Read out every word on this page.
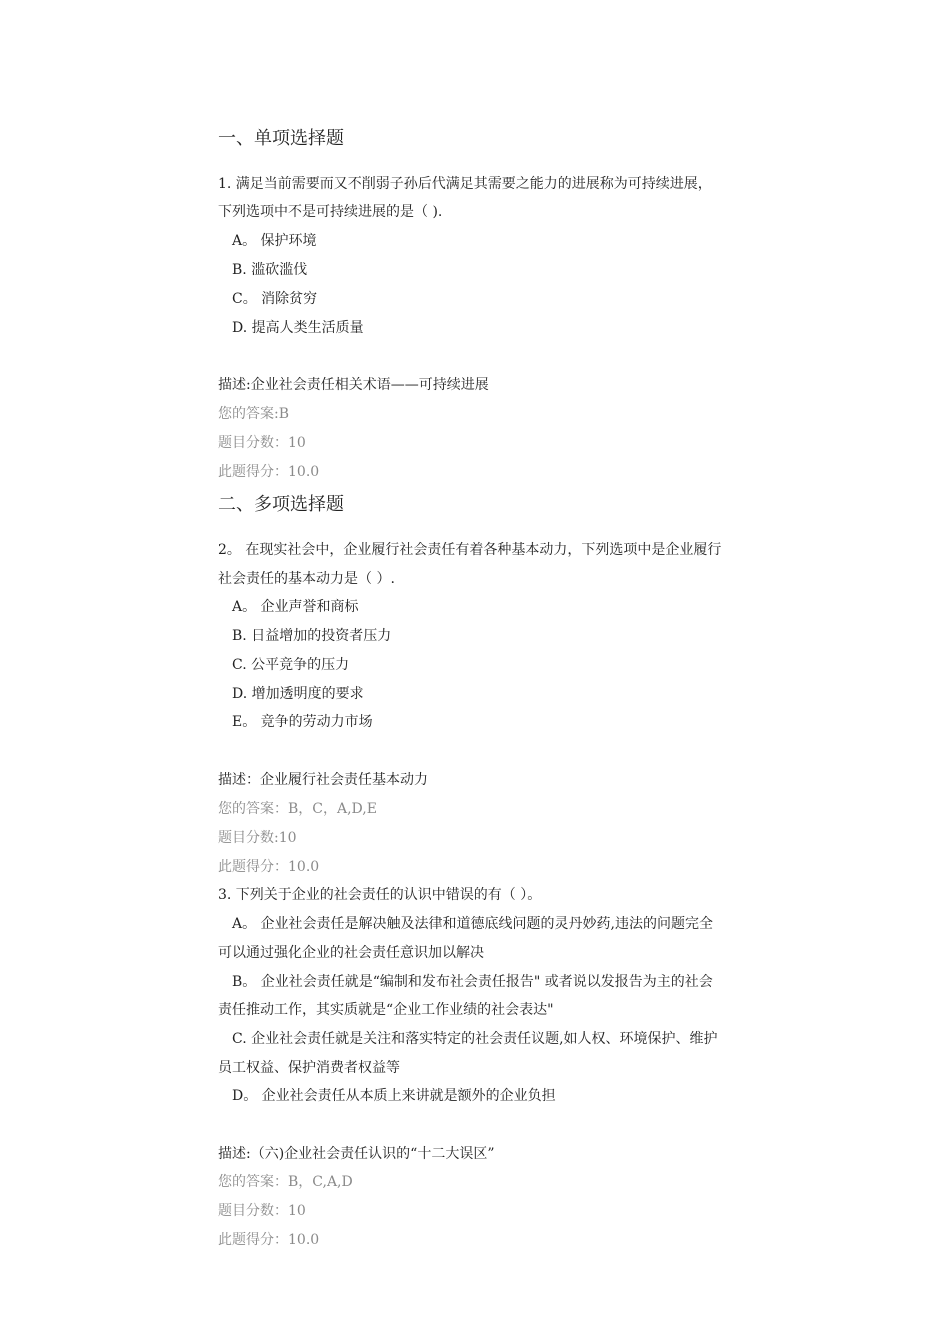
一、单项选择题
1. 满足当前需要而又不削弱子孙后代满足其需要之能力的进展称为可持续进展，
下列选项中不是可持续进展的是（ ).
A。 保护环境
B. 滥砍滥伐
C。 消除贫穷
D. 提高人类生活质量
描述:企业社会责任相关术语——可持续进展
您的答案:B
题目分数：10
此题得分：10.0
二、多项选择题
2。 在现实社会中，企业履行社会责任有着各种基本动力，下列选项中是企业履行
社会责任的基本动力是（ ）.
A。 企业声誉和商标
B. 日益增加的投资者压力
C. 公平竞争的压力
D. 增加透明度的要求
E。 竞争的劳动力市场
描述：企业履行社会责任基本动力
您的答案：B，C，A,D,E
题目分数:10
此题得分：10.0
3. 下列关于企业的社会责任的认识中错误的有（ ）。
A。 企业社会责任是解决触及法律和道德底线问题的灵丹妙药,违法的问题完全
可以通过强化企业的社会责任意识加以解决
B。 企业社会责任就是“编制和发布社会责任报告" 或者说以发报告为主的社会
责任推动工作，其实质就是“企业工作业绩的社会表达"
C. 企业社会责任就是关注和落实特定的社会责任议题,如人权、环境保护、维护
员工权益、保护消费者权益等
D。 企业社会责任从本质上来讲就是额外的企业负担
描述:（六)企业社会责任认识的“十二大误区”
您的答案：B，C,A,D
题目分数：10
此题得分：10.0
